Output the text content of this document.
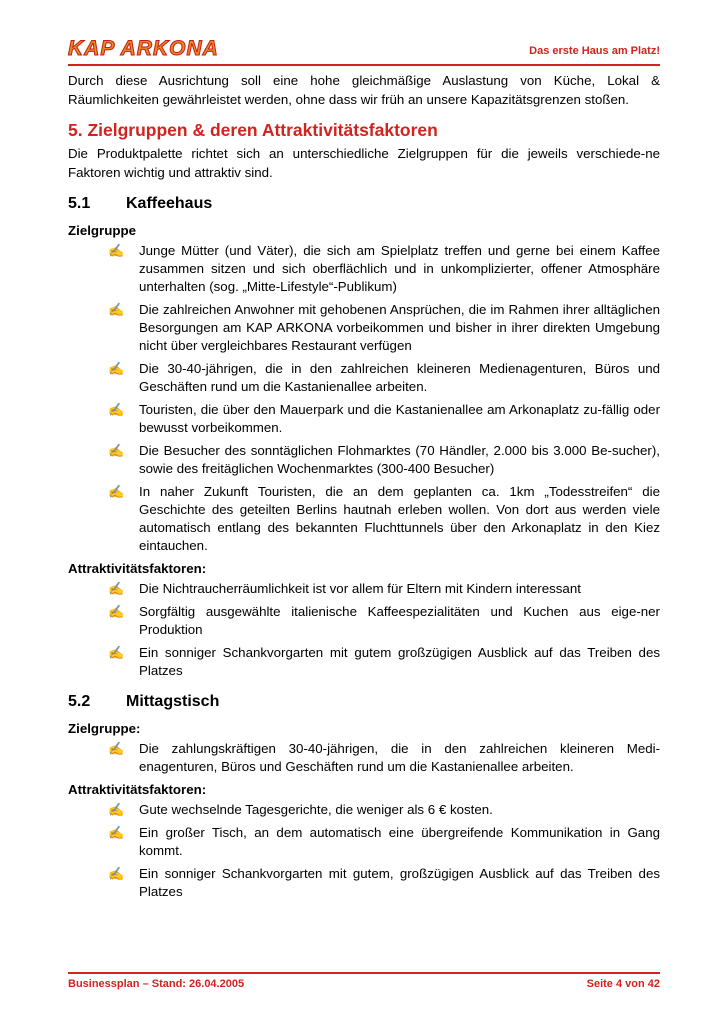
KAP ARKONA	Das erste Haus am Platz!

Durch diese Ausrichtung soll eine hohe gleichmäßige Auslastung von Küche, Lokal & Räumlichkeiten gewährleistet werden, ohne dass wir früh an unsere Kapazitätsgrenzen stoßen.

5. Zielgruppen & deren Attraktivitätsfaktoren

Die Produktpalette richtet sich an unterschiedliche Zielgruppen für die jeweils verschiede-ne Faktoren wichtig und attraktiv sind.

5.1	Kaffeehaus
Zielgruppe
✍ Junge Mütter (und Väter), die sich am Spielplatz treffen und gerne bei einem Kaffee zusammen sitzen und sich oberflächlich und in unkomplizierter, offener Atmosphäre unterhalten (sog. „Mitte-Lifestyle“-Publikum)
✍ Die zahlreichen Anwohner mit gehobenen Ansprüchen, die im Rahmen ihrer alltäglichen Besorgungen am KAP ARKONA vorbeikommen und bisher in ihrer direkten Umgebung nicht über vergleichbares Restaurant verfügen
✍ Die 30-40-jährigen, die in den zahlreichen kleineren Medienagenturen, Büros und Geschäften rund um die Kastanienallee arbeiten.
✍ Touristen, die über den Mauerpark und die Kastanienallee am Arkonaplatz zu-fällig oder bewusst vorbeikommen.
✍ Die Besucher des sonntäglichen Flohmarktes (70 Händler, 2.000 bis 3.000 Be-sucher), sowie des freitäglichen Wochenmarktes (300-400 Besucher)
✍ In naher Zukunft Touristen, die an dem geplanten ca. 1km „Todesstreifen“ die Geschichte des geteilten Berlins hautnah erleben wollen. Von dort aus werden viele automatisch entlang des bekannten Fluchttunnels über den Arkonaplatz in den Kiez eintauchen.
Attraktivitätsfaktoren:
✍ Die Nichtraucherräumlichkeit ist vor allem für Eltern mit Kindern interessant
✍ Sorgfältig ausgewählte italienische Kaffeespezialitäten und Kuchen aus eige-ner Produktion
✍ Ein sonniger Schankvorgarten mit gutem großzügigen Ausblick auf das Treiben des Platzes
5.2	Mittagstisch
Zielgruppe:
✍ Die zahlungskräftigen 30-40-jährigen, die in den zahlreichen kleineren Medi-enagenturen, Büros und Geschäften rund um die Kastanienallee arbeiten.
Attraktivitätsfaktoren:
✍ Gute wechselnde Tagesgerichte, die weniger als 6 € kosten.
✍ Ein großer Tisch, an dem automatisch eine übergreifende Kommunikation in Gang kommt.
✍ Ein sonniger Schankvorgarten mit gutem, großzügigen Ausblick auf das Treiben des Platzes
Businessplan – Stand: 26.04.2005	Seite 4 von 42
